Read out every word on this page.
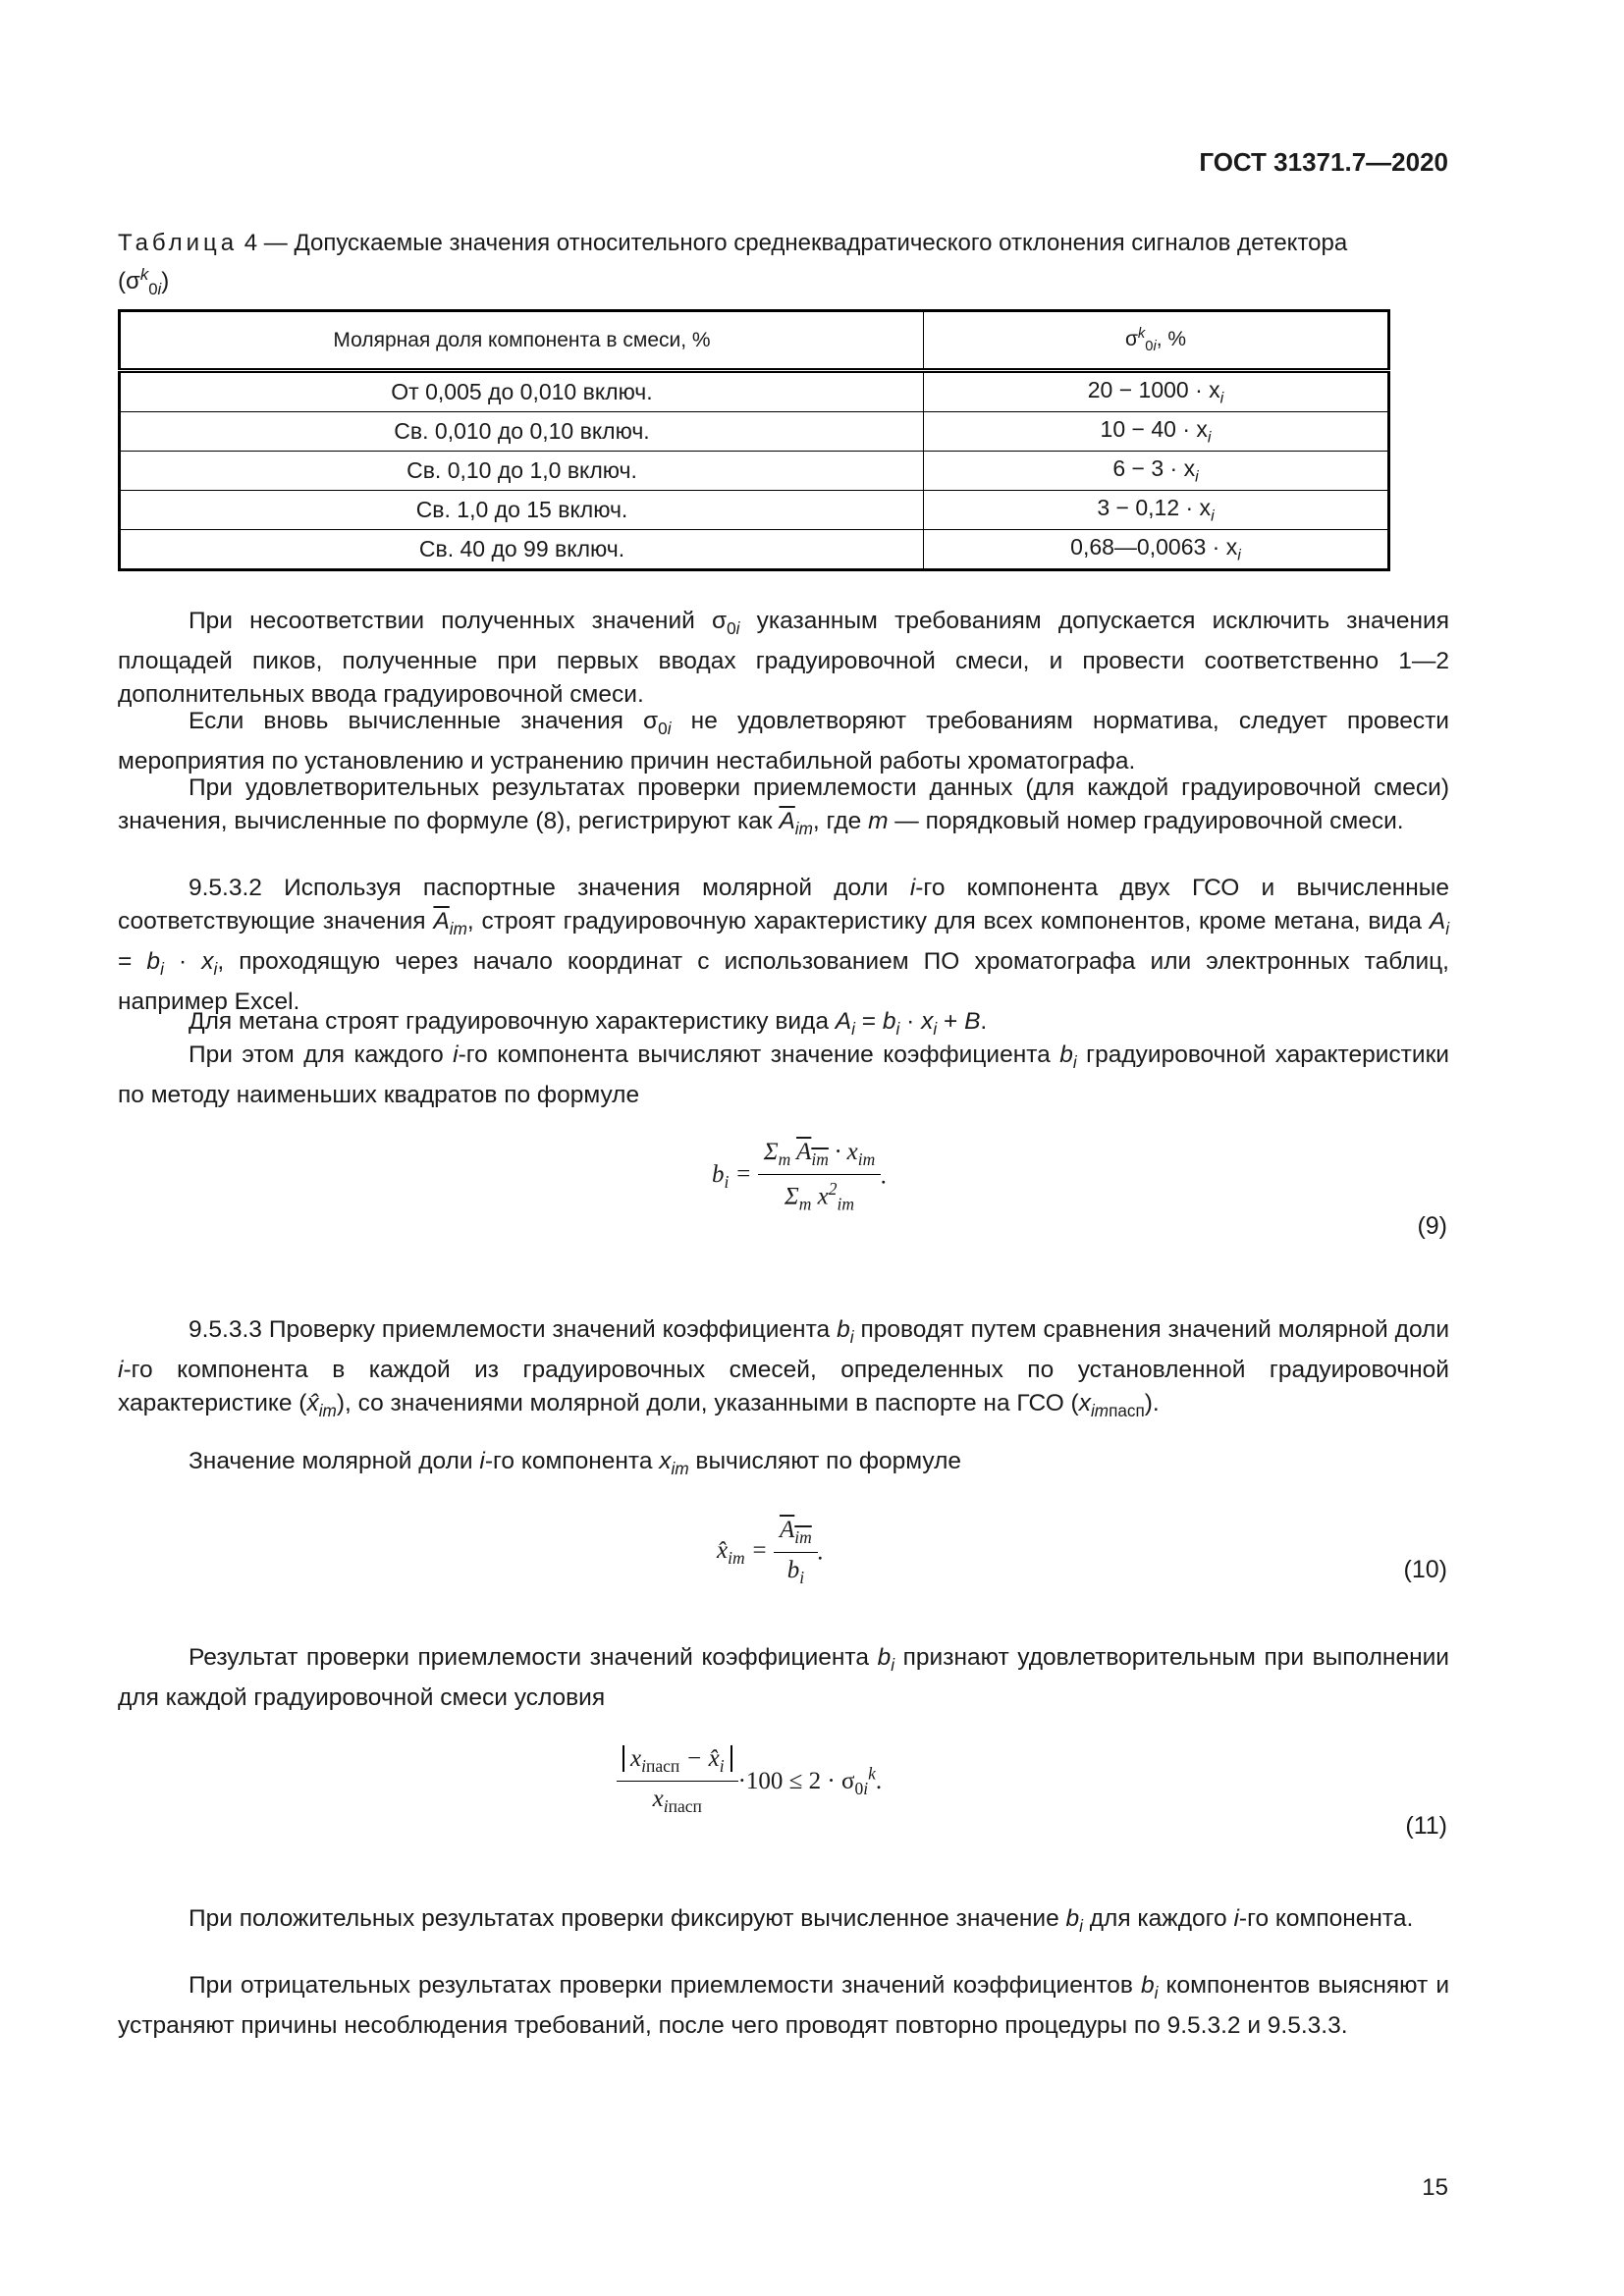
ГОСТ 31371.7—2020
Таблица 4 — Допускаемые значения относительного среднеквадратического отклонения сигналов детектора
$(\sigma^k_{0i})$
Молярная доля компонента в смеси, %	$\sigma^k_{0i}$, %
От 0,005 до 0,010 включ.	$20 - 1000 \cdot x_i$
Св. 0,010 до 0,10 включ.	$10 - 40 \cdot x_i$
Св. 0,10 до 1,0 включ.	$6 - 3 \cdot x_i$
Св. 1,0 до 15 включ.	$3 - 0,12 \cdot x_i$
Св. 40 до 99 включ.	0,68—0,0063 · $x_i$
При несоответствии полученных значений $\sigma_{0i}$ указанным требованиям допускается исключить значения площадей пиков, полученные при первых вводах градуировочной смеси, и провести соответственно 1—2 дополнительных ввода градуировочной смеси.
Если вновь вычисленные значения $\sigma_{0i}$ не удовлетворяют требованиям норматива, следует провести мероприятия по установлению и устранению причин нестабильной работы хроматографа.
При удовлетворительных результатах проверки приемлемости данных (для каждой градуировочной смеси) значения, вычисленные по формуле (8), регистрируют как $\overline{A}_{im}$, где m — порядковый номер градуировочной смеси.
9.5.3.2 Используя паспортные значения молярной доли i-го компонента двух ГСО и вычисленные соответствующие значения $\overline{A}_{im}$, строят градуировочную характеристику для всех компонентов, кроме метана, вида $A_i = b_i \cdot x_i$, проходящую через начало координат с использованием ПО хроматографа или электронных таблиц, например Excel.
Для метана строят градуировочную характеристику вида $A_i = b_i \cdot x_i + B$.
При этом для каждого i-го компонента вычисляют значение коэффициента $b_i$ градуировочной характеристики по методу наименьших квадратов по формуле
$b_i = \frac{\Sigma_m A_{im} \cdot x_{im}}{\Sigma_m x^2_{im}}$ .
(9)
9.5.3.3 Проверку приемлемости значений коэффициента $b_i$ проводят путем сравнения значений молярной доли i-го компонента в каждой из градуировочных смесей, определенных по установленной градуировочной характеристике $(x̂_{im})$, со значениями молярной доли, указанными в паспорте на ГСО $(x_{imпасп})$.
Значение молярной доли i-го компонента $x_{im}$ вычисляют по формуле
$x̂_{im} = \frac{A_{im}}{b_i}$ .
(10)
Результат проверки приемлемости значений коэффициента $b_i$ признают удовлетворительным при выполнении для каждой градуировочной смеси условия
$\frac{x_{iпасп} - x̂_i}{x_{iпасп}} \cdot 100 \le 2 \cdot \sigma_{0i}^k$.
(11)
При положительных результатах проверки фиксируют вычисленное значение $b_i$ для каждого i-го компонента.
При отрицательных результатах проверки приемлемости значений коэффициентов $b_i$ компонентов выясняют и устраняют причины несоблюдения требований, после чего проводят повторно процедуры по 9.5.3.2 и 9.5.3.3.
15
